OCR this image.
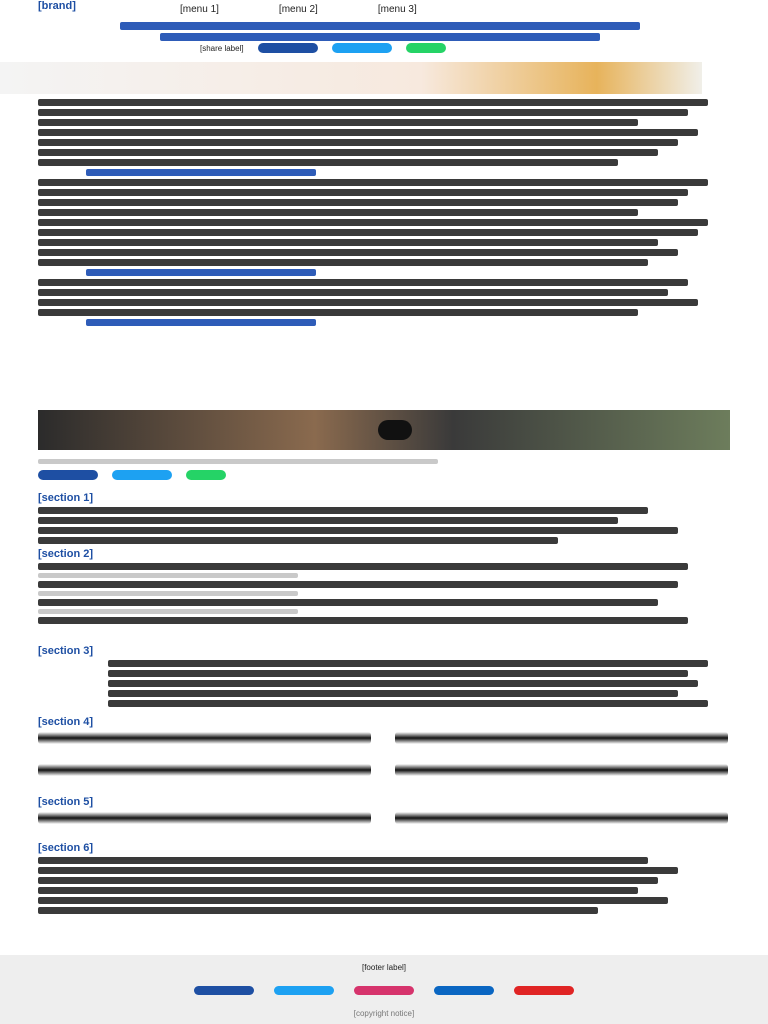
[brand]	[menu 1]	[menu 2]	[menu 3]
[share label]
[section 1]
[section 2]
[section 3]
[section 4]
[section 5]
[section 6]
[footer label]
[copyright notice]
